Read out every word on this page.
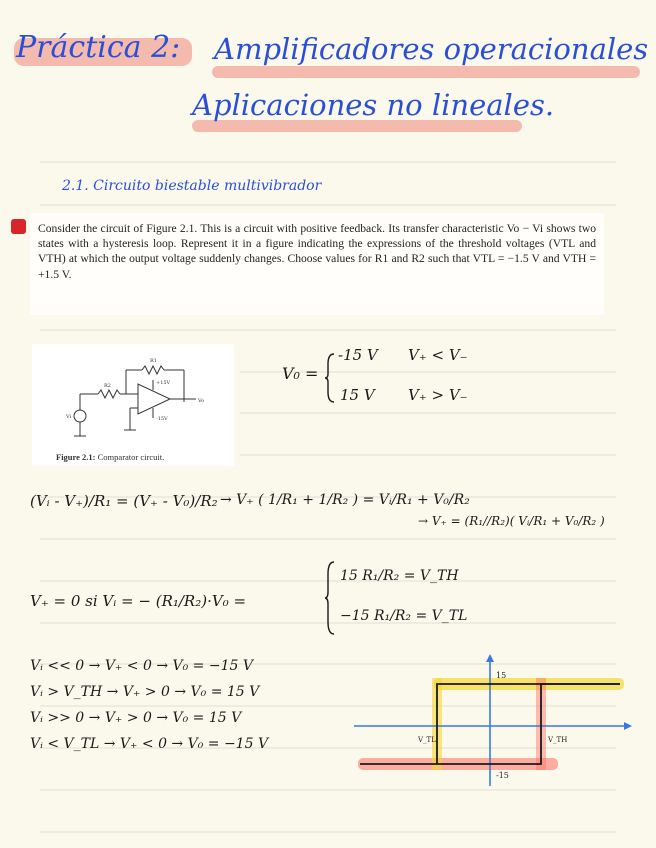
Práctica 2: Amplificadores operacionales
Aplicaciones no lineales.
2.1. Circuito biestable multivibrador

Consider the circuit of Figure 2.1. This is a circuit with positive feedback. Its transfer characteristic Vo − Vi shows two states with a hysteresis loop. Represent it in a figure indicating the expressions of the threshold voltages (VTL and VTH) at which the output voltage suddenly changes. Choose values for R1 and R2 such that VTL = −1.5 V and VTH = +1.5 V.

R1
R2	+15V
-15V
Vi
Vo
Figure 2.1: Comparator circuit.
V₀ =
-15 V V₊ < V₋
15 V V₊ > V₋
(Vᵢ - V₊)/R₁ = (V₊ - V₀)/R₂ → V₊ ( 1/R₁ + 1/R₂ ) = Vᵢ/R₁ + V₀/R₂
→ V₊ = (R₁//R₂)( Vᵢ/R₁ + V₀/R₂ )
V₊ = 0 si Vᵢ = − (R₁/R₂)·V₀ =
15 R₁/R₂ = V_TH
−15 R₁/R₂ = V_TL
Vᵢ << 0 → V₊ < 0 → V₀ = −15 V
Vᵢ > V_TH → V₊ > 0 → V₀ = 15 V
Vᵢ >> 0 → V₊ > 0 → V₀ = 15 V
Vᵢ < V_TL → V₊ < 0 → V₀ = −15 V
15
-15
V_TL	V_TH
